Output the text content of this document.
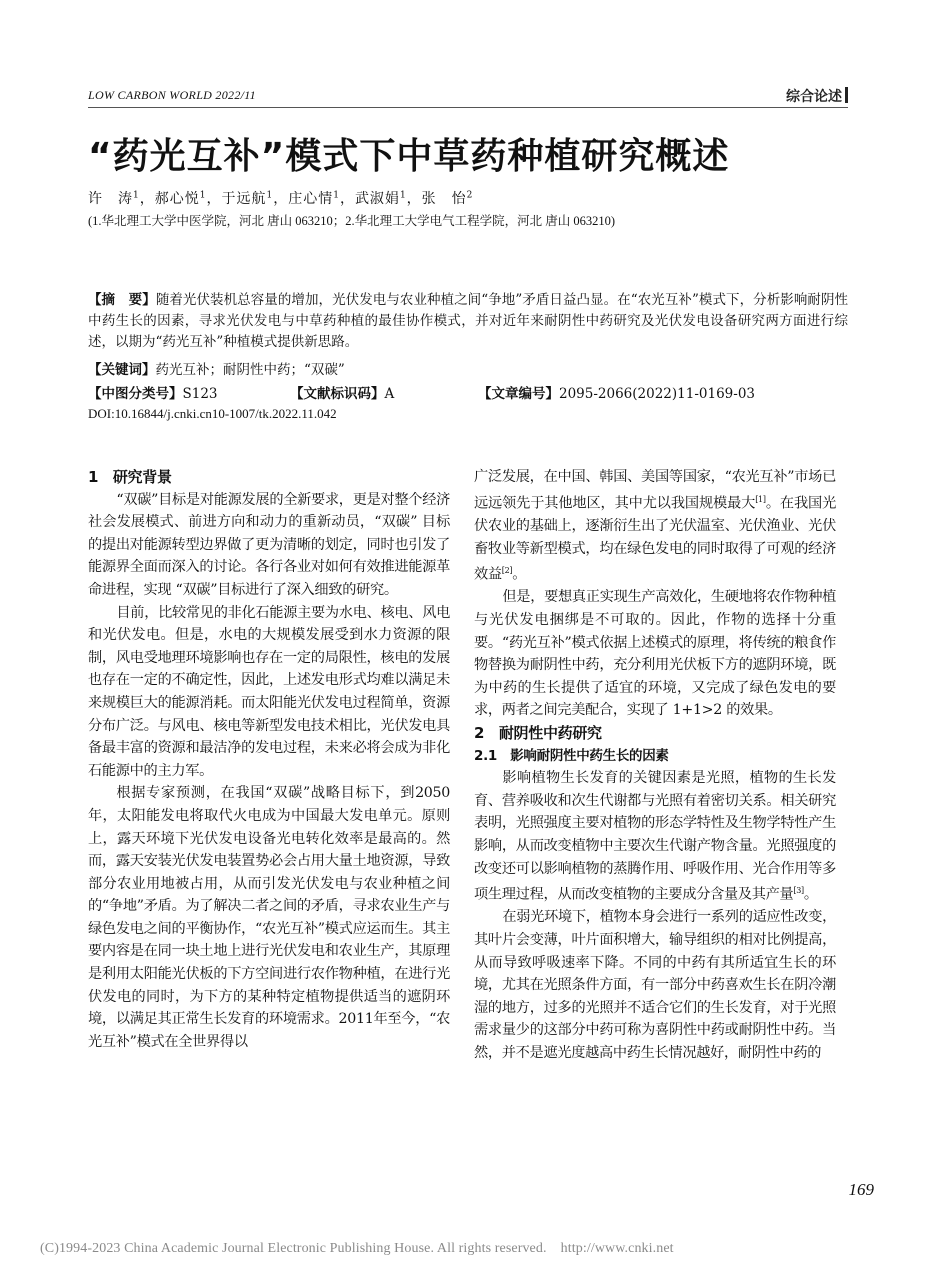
LOW CARBON WORLD 2022/11	综合论述
“药光互补”模式下中草药种植研究概述
许　涛$^1$，郝心悦$^1$，于远航$^1$，庄心情$^1$，武淑娟$^1$，张　怡$^2$
(1.华北理工大学中医学院，河北 唐山 063210；2.华北理工大学电气工程学院，河北 唐山 063210)
【摘　要】随着光伏装机总容量的增加，光伏发电与农业种植之间“争地”矛盾日益凸显。在“农光互补”模式下，分析影响耐阴性中药生长的因素，寻求光伏发电与中草药种植的最佳协作模式，并对近年来耐阴性中药研究及光伏发电设备研究两方面进行综述，以期为“药光互补”种植模式提供新思路。
【关键词】药光互补；耐阴性中药；“双碳”
【中图分类号】S123	【文献标识码】A	【文章编号】2095-2066(2022)11-0169-03
DOI:10.16844/j.cnki.cn10-1007/tk.2022.11.042
1　研究背景

“双碳”目标是对能源发展的全新要求，更是对整个经济社会发展模式、前进方向和动力的重新动员，“双碳” 目标的提出对能源转型边界做了更为清晰的划定，同时也引发了能源界全面而深入的讨论。各行各业对如何有效推进能源革命进程，实现 “双碳”目标进行了深入细致的研究。

目前，比较常见的非化石能源主要为水电、核电、风电和光伏发电。但是，水电的大规模发展受到水力资源的限制，风电受地理环境影响也存在一定的局限性，核电的发展也存在一定的不确定性，因此，上述发电形式均难以满足未来规模巨大的能源消耗。而太阳能光伏发电过程简单，资源分布广泛。与风电、核电等新型发电技术相比，光伏发电具备最丰富的资源和最洁净的发电过程，未来必将会成为非化石能源中的主力军。

根据专家预测，在我国“双碳”战略目标下，到2050年，太阳能发电将取代火电成为中国最大发电单元。原则上，露天环境下光伏发电设备光电转化效率是最高的。然而，露天安装光伏发电装置势必会占用大量土地资源，导致部分农业用地被占用，从而引发光伏发电与农业种植之间的“争地”矛盾。为了解决二者之间的矛盾，寻求农业生产与绿色发电之间的平衡协作，“农光互补”模式应运而生。其主要内容是在同一块土地上进行光伏发电和农业生产，其原理是利用太阳能光伏板的下方空间进行农作物种植，在进行光伏发电的同时，为下方的某种特定植物提供适当的遮阴环境，以满足其正常生长发育的环境需求。2011年至今，“农光互补”模式在全世界得以

广泛发展，在中国、韩国、美国等国家，“农光互补”市场已远远领先于其他地区，其中尤以我国规模最大[1]。在我国光伏农业的基础上，逐渐衍生出了光伏温室、光伏渔业、光伏畜牧业等新型模式，均在绿色发电的同时取得了可观的经济效益[2]。

但是，要想真正实现生产高效化，生硬地将农作物种植与光伏发电捆绑是不可取的。因此，作物的选择十分重要。“药光互补”模式依据上述模式的原理，将传统的粮食作物替换为耐阴性中药，充分利用光伏板下方的遮阴环境，既为中药的生长提供了适宜的环境，又完成了绿色发电的要求，两者之间完美配合，实现了 1+1>2 的效果。

2　耐阴性中药研究
2.1　影响耐阴性中药生长的因素

影响植物生长发育的关键因素是光照，植物的生长发育、营养吸收和次生代谢都与光照有着密切关系。相关研究表明，光照强度主要对植物的形态学特性及生物学特性产生影响，从而改变植物中主要次生代谢产物含量。光照强度的改变还可以影响植物的蒸腾作用、呼吸作用、光合作用等多项生理过程，从而改变植物的主要成分含量及其产量[3]。

在弱光环境下，植物本身会进行一系列的适应性改变，其叶片会变薄，叶片面积增大，输导组织的相对比例提高，从而导致呼吸速率下降。不同的中药有其所适宜生长的环境，尤其在光照条件方面，有一部分中药喜欢生长在阴冷潮湿的地方，过多的光照并不适合它们的生长发育，对于光照需求量少的这部分中药可称为喜阴性中药或耐阴性中药。当然，并不是遮光度越高中药生长情况越好，耐阴性中药的

169
(C)1994-2023 China Academic Journal Electronic Publishing House. All rights reserved.　http://www.cnki.net
